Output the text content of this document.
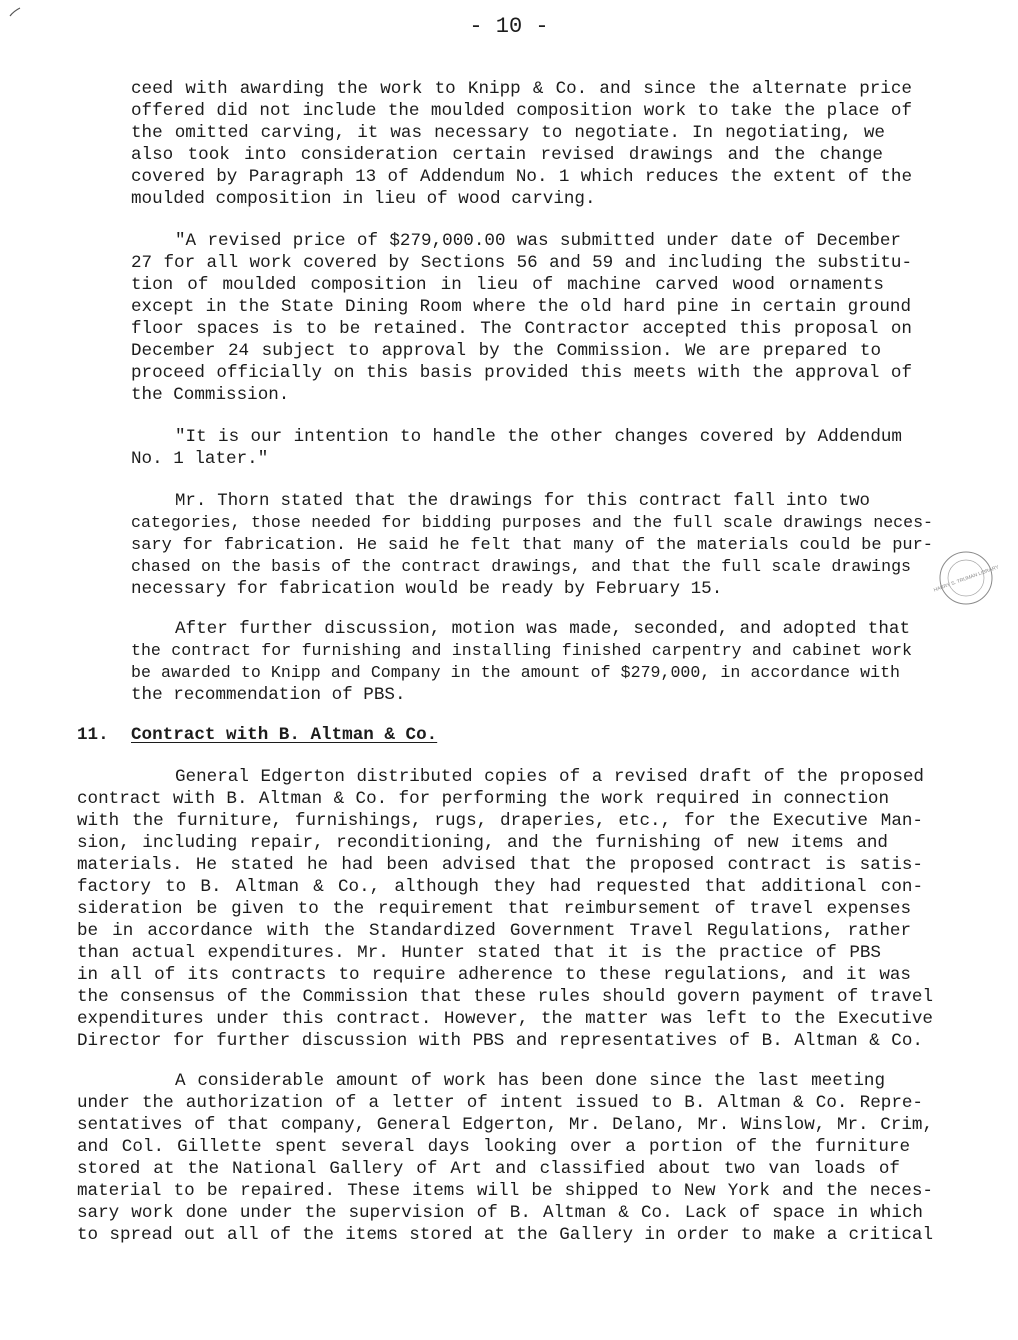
- 10 -

ceed with awarding the work to Knipp & Co. and since the alternate price

offered did not include the moulded composition work to take the place of

the omitted carving, it was necessary to negotiate. In negotiating, we

also took into consideration certain revised drawings and the change

covered by Paragraph 13 of Addendum No. 1 which reduces the extent of the

moulded composition in lieu of wood carving.

"A revised price of $279,000.00 was submitted under date of December

27 for all work covered by Sections 56 and 59 and including the substitu-

tion of moulded composition in lieu of machine carved wood ornaments

except in the State Dining Room where the old hard pine in certain ground

floor spaces is to be retained. The Contractor accepted this proposal on

December 24 subject to approval by the Commission. We are prepared to

proceed officially on this basis provided this meets with the approval of

the Commission.

"It is our intention to handle the other changes covered by Addendum

No. 1 later."

Mr. Thorn stated that the drawings for this contract fall into two

categories, those needed for bidding purposes and the full scale drawings neces-

sary for fabrication. He said he felt that many of the materials could be pur-

chased on the basis of the contract drawings, and that the full scale drawings

necessary for fabrication would be ready by February 15.

After further discussion, motion was made, seconded, and adopted that

the contract for furnishing and installing finished carpentry and cabinet work

be awarded to Knipp and Company in the amount of $279,000, in accordance with

the recommendation of PBS.

11. Contract with B. Altman & Co.

General Edgerton distributed copies of a revised draft of the proposed

contract with B. Altman & Co. for performing the work required in connection

with the furniture, furnishings, rugs, draperies, etc., for the Executive Man-

sion, including repair, reconditioning, and the furnishing of new items and

materials. He stated he had been advised that the proposed contract is satis-

factory to B. Altman & Co., although they had requested that additional con-

sideration be given to the requirement that reimbursement of travel expenses

be in accordance with the Standardized Government Travel Regulations, rather

than actual expenditures. Mr. Hunter stated that it is the practice of PBS

in all of its contracts to require adherence to these regulations, and it was

the consensus of the Commission that these rules should govern payment of travel

expenditures under this contract. However, the matter was left to the Executive

Director for further discussion with PBS and representatives of B. Altman & Co.

A considerable amount of work has been done since the last meeting

under the authorization of a letter of intent issued to B. Altman & Co. Repre-

sentatives of that company, General Edgerton, Mr. Delano, Mr. Winslow, Mr. Crim,

and Col. Gillette spent several days looking over a portion of the furniture

stored at the National Gallery of Art and classified about two van loads of

material to be repaired. These items will be shipped to New York and the neces-

sary work done under the supervision of B. Altman & Co. Lack of space in which

to spread out all of the items stored at the Gallery in order to make a critical

HARRY S. TRUMAN LIBRARY
